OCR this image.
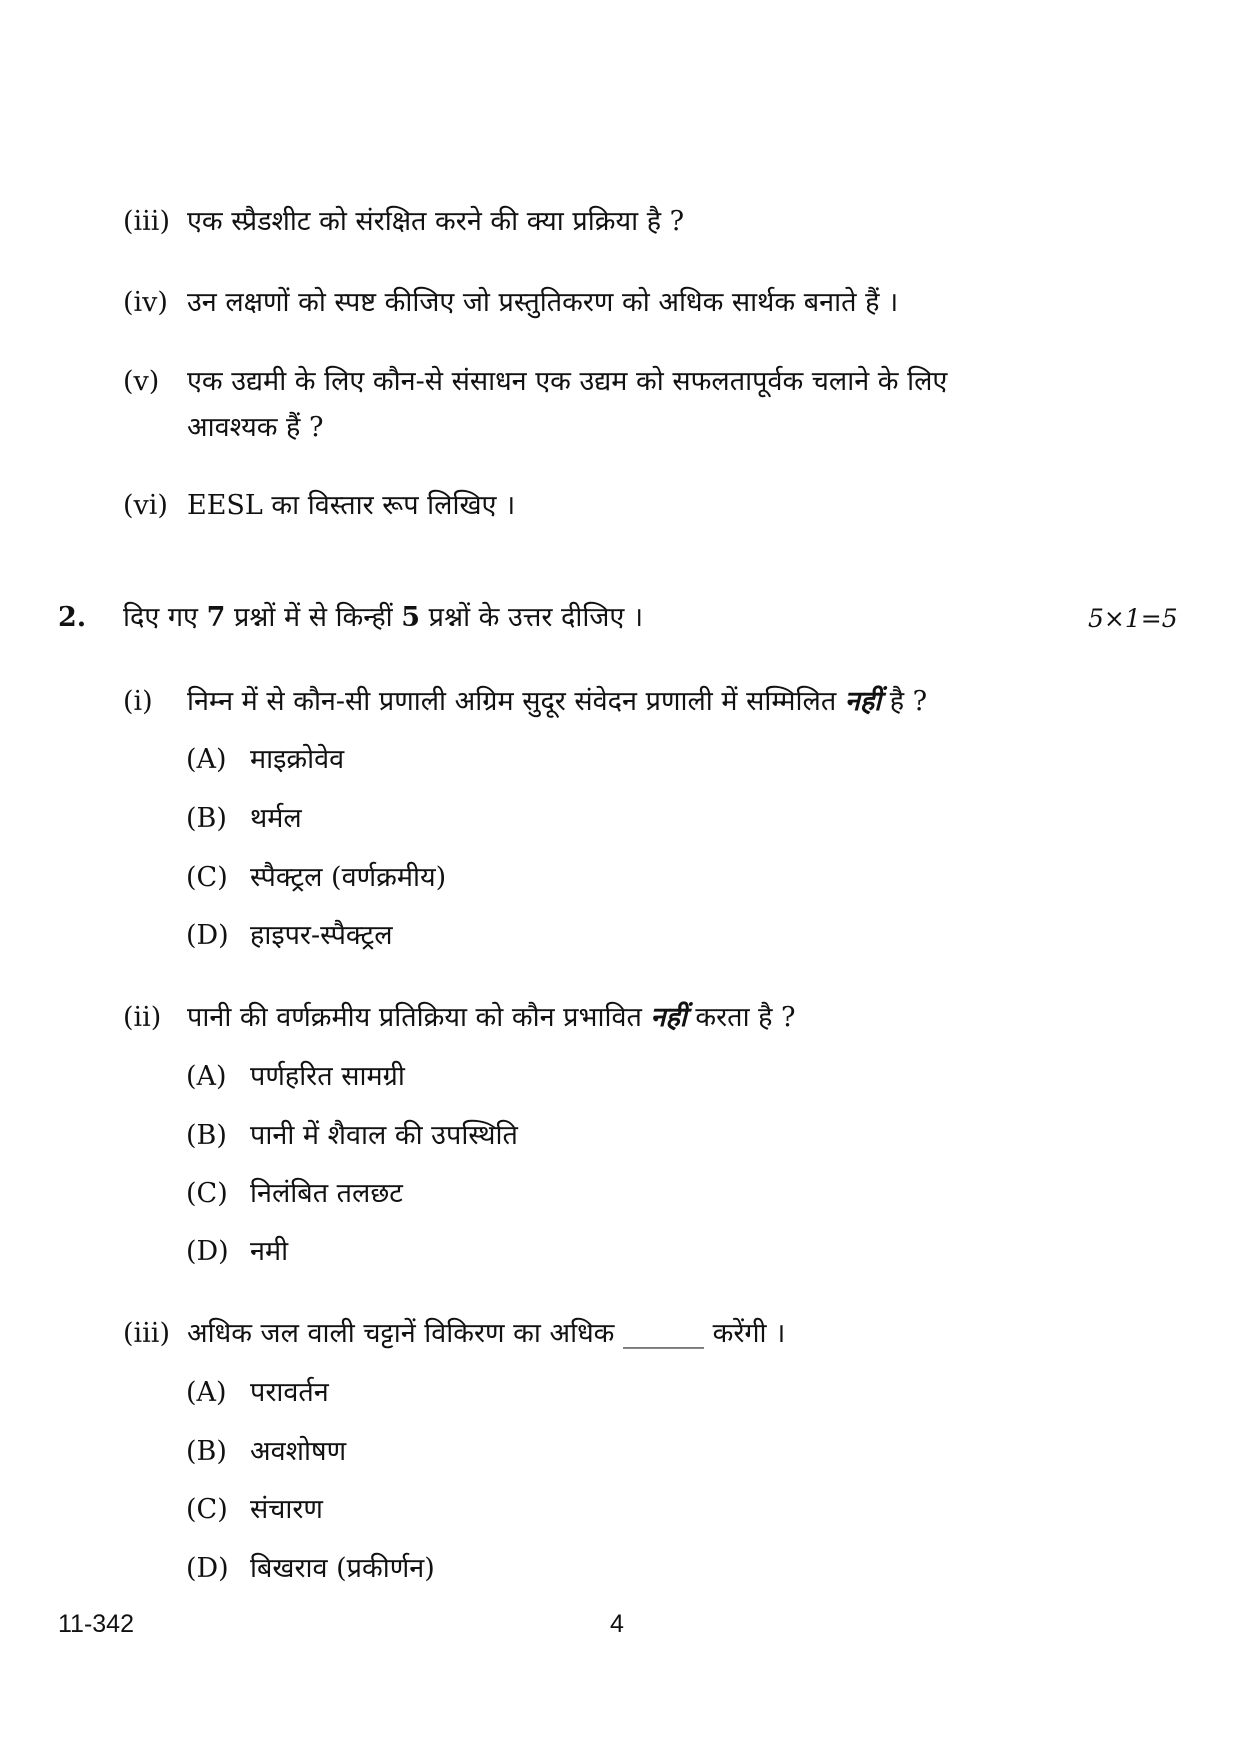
(iii) एक स्प्रैडशीट को संरक्षित करने की क्या प्रक्रिया है ?
(iv) उन लक्षणों को स्पष्ट कीजिए जो प्रस्तुतिकरण को अधिक सार्थक बनाते हैं ।
(v) एक उद्यमी के लिए कौन-से संसाधन एक उद्यम को सफलतापूर्वक चलाने के लिए
आवश्यक हैं ?
(vi) EESL का विस्तार रूप लिखिए ।
2. दिए गए 7 प्रश्नों में से किन्हीं 5 प्रश्नों के उत्तर दीजिए ।	5×1=5
(i) निम्न में से कौन-सी प्रणाली अग्रिम सुदूर संवेदन प्रणाली में सम्मिलित नहीं है ?
(A) माइक्रोवेव
(B) थर्मल
(C) स्पैक्ट्रल (वर्णक्रमीय)
(D) हाइपर-स्पैक्ट्रल
(ii) पानी की वर्णक्रमीय प्रतिक्रिया को कौन प्रभावित नहीं करता है ?
(A) पर्णहरित सामग्री
(B) पानी में शैवाल की उपस्थिति
(C) निलंबित तलछट
(D) नमी
(iii) अधिक जल वाली चट्टानें विकिरण का अधिक ______ करेंगी ।
(A) परावर्तन
(B) अवशोषण
(C) संचारण
(D) बिखराव (प्रकीर्णन)
11-342	4
